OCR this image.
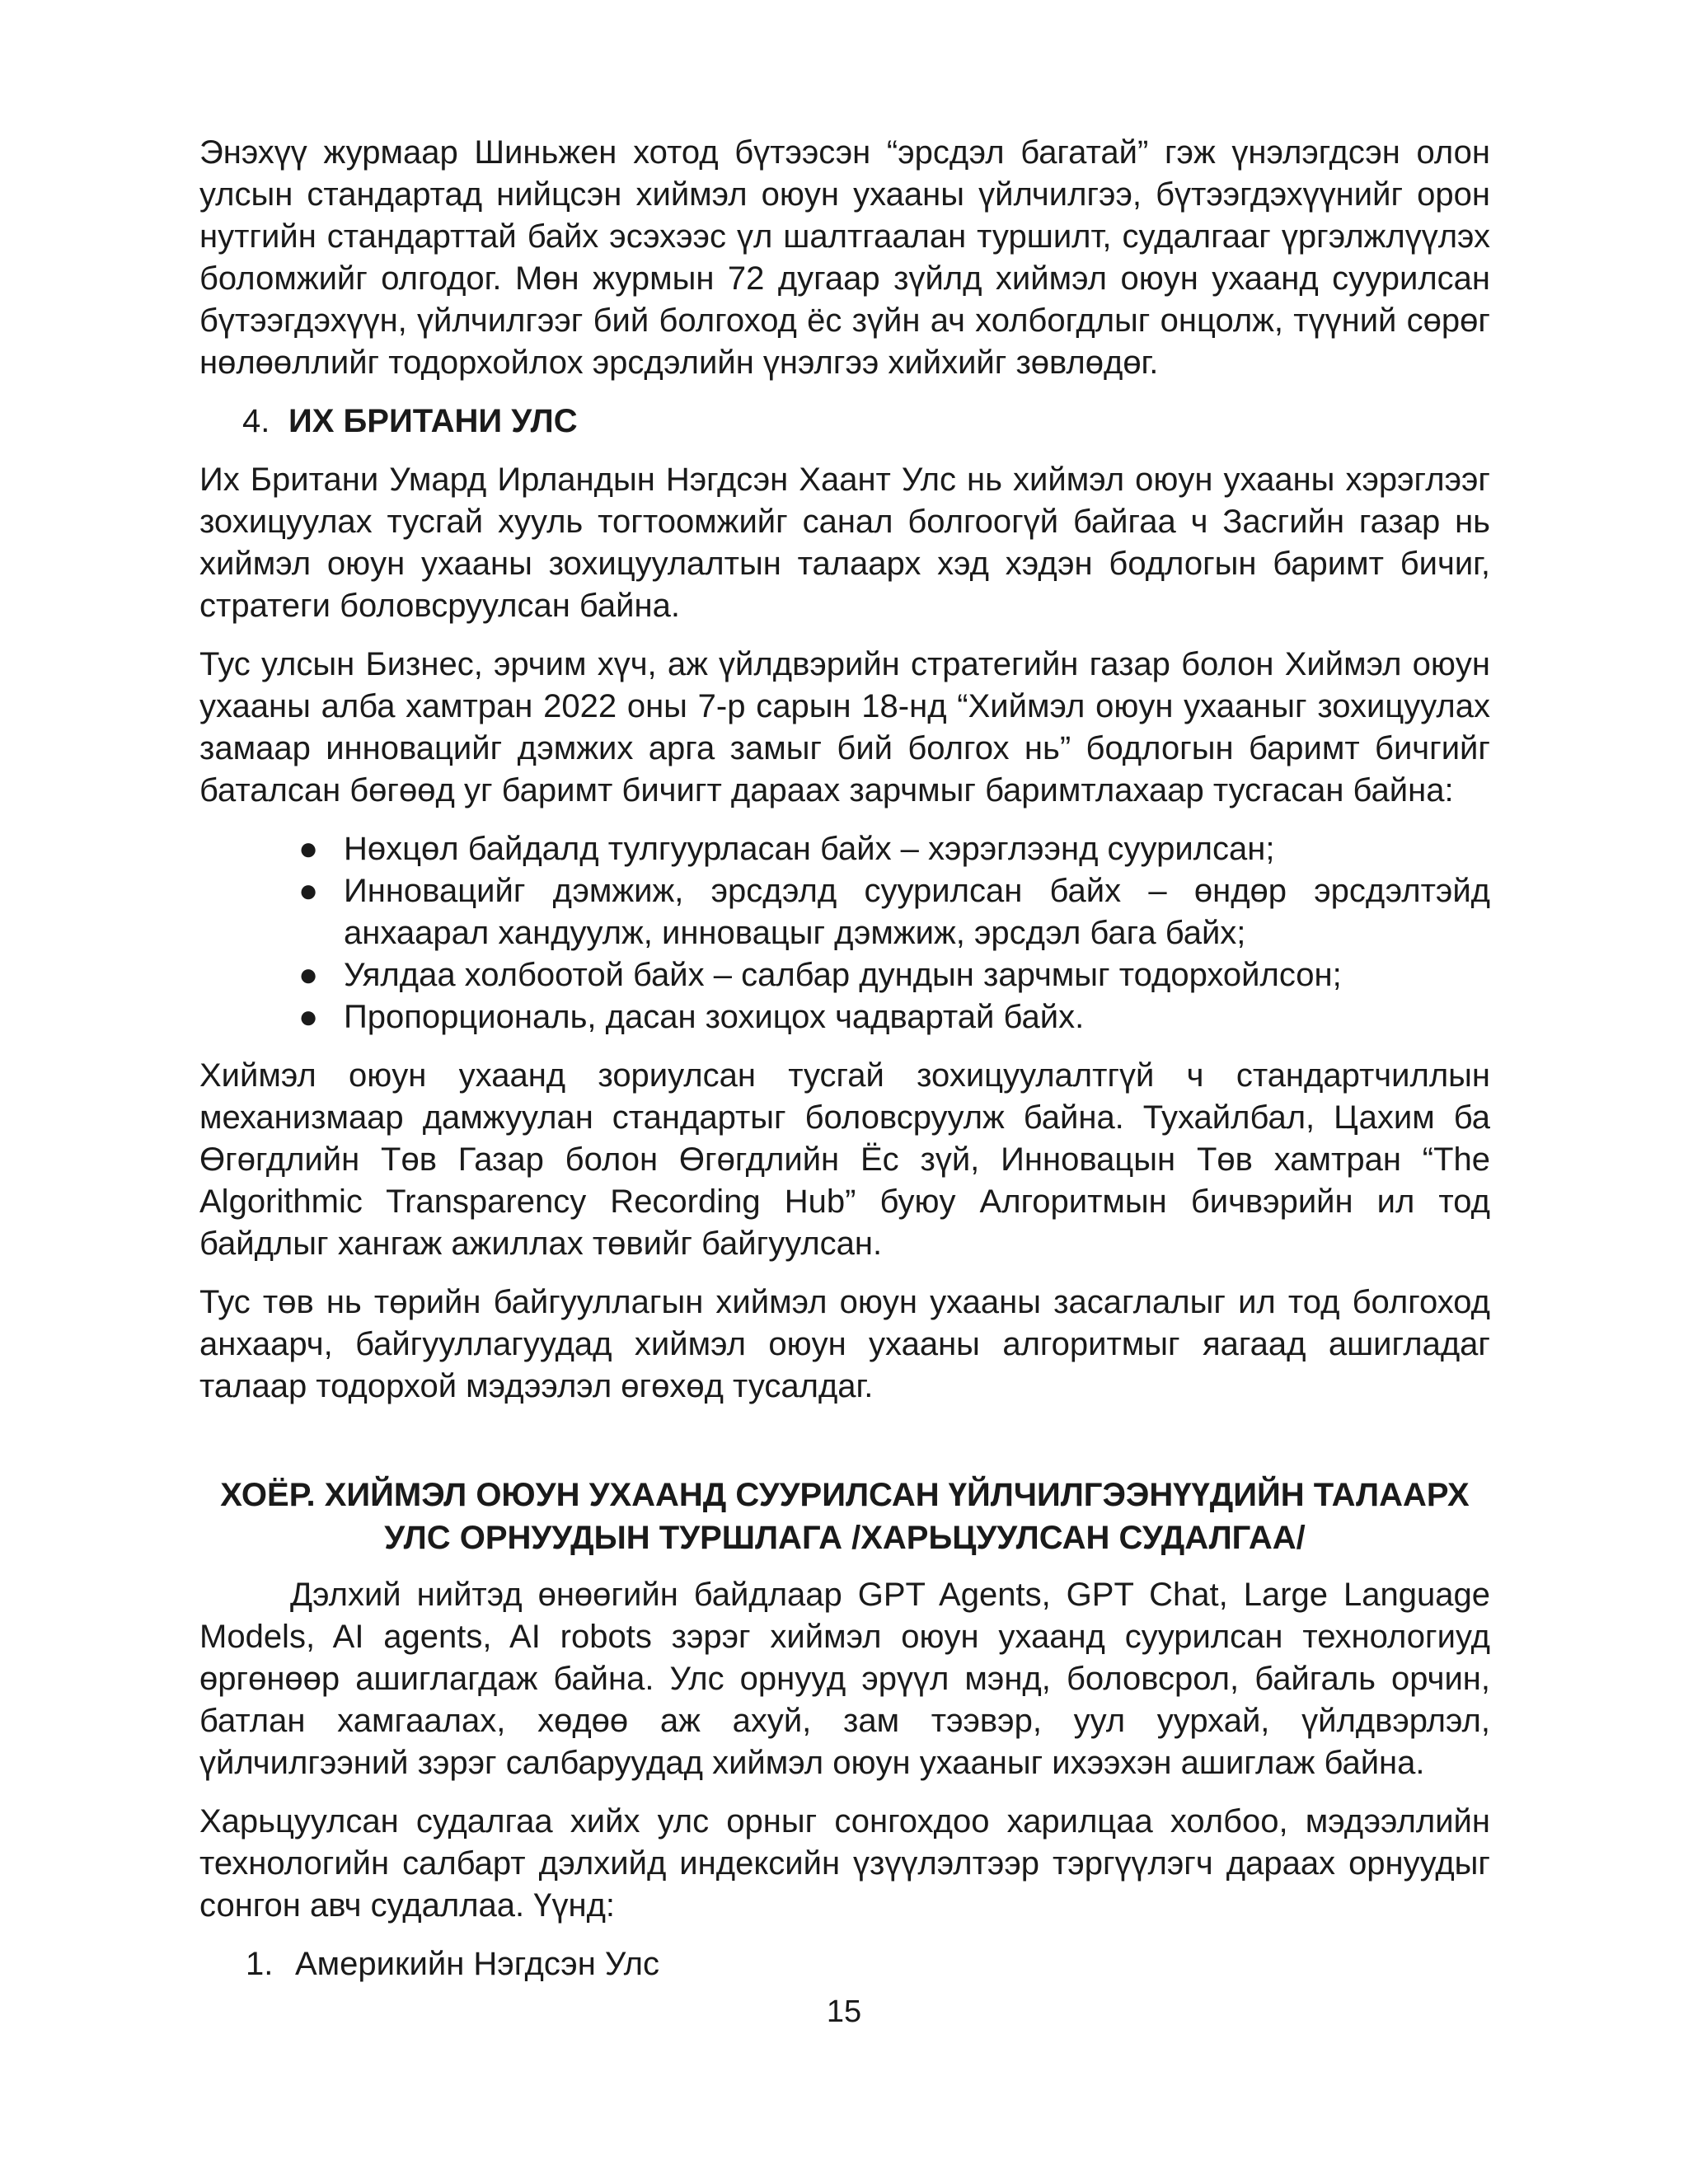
Энэхүү журмаар Шиньжен хотод бүтээсэн “эрсдэл багатай” гэж үнэлэгдсэн олон улсын стандартад нийцсэн хиймэл оюун ухааны үйлчилгээ, бүтээгдэхүүнийг орон нутгийн стандарттай байх эсэхээс үл шалтгаалан туршилт, судалгааг үргэлжлүүлэх боломжийг олгодог. Мөн журмын 72 дугаар зүйлд хиймэл оюун ухаанд суурилсан бүтээгдэхүүн, үйлчилгээг бий болгоход ёс зүйн ач холбогдлыг онцолж, түүний сөрөг нөлөөллийг тодорхойлох эрсдэлийн үнэлгээ хийхийг зөвлөдөг.

4. ИХ БРИТАНИ УЛС

Их Британи Умард Ирландын Нэгдсэн Хаант Улс нь хиймэл оюун ухааны хэрэглээг зохицуулах тусгай хууль тогтоомжийг санал болгоогүй байгаа ч Засгийн газар нь хиймэл оюун ухааны зохицуулалтын талаарх хэд хэдэн бодлогын баримт бичиг, стратеги боловсруулсан байна.

Тус улсын Бизнес, эрчим хүч, аж үйлдвэрийн стратегийн газар болон Хиймэл оюун ухааны алба хамтран 2022 оны 7-р сарын 18-нд “Хиймэл оюун ухааныг зохицуулах замаар инновацийг дэмжих арга замыг бий болгох нь” бодлогын баримт бичгийг баталсан бөгөөд уг баримт бичигт дараах зарчмыг баримтлахаар тусгасан байна:

● Нөхцөл байдалд тулгуурласан байх – хэрэглээнд суурилсан;
● Инновацийг дэмжиж, эрсдэлд суурилсан байх – өндөр эрсдэлтэйд анхаарал хандуулж, инновацыг дэмжиж, эрсдэл бага байх;
● Уялдаа холбоотой байх – салбар дундын зарчмыг тодорхойлсон;
● Пропорциональ, дасан зохицох чадвартай байх.

Хиймэл оюун ухаанд зориулсан тусгай зохицуулалтгүй ч стандартчиллын механизмаар дамжуулан стандартыг боловсруулж байна. Тухайлбал, Цахим ба Өгөгдлийн Төв Газар болон Өгөгдлийн Ёс зүй, Инновацын Төв хамтран “The Algorithmic Transparency Recording Hub” буюу Алгоритмын бичвэрийн ил тод байдлыг хангаж ажиллах төвийг байгуулсан.

Тус төв нь төрийн байгууллагын хиймэл оюун ухааны засаглалыг ил тод болгоход анхаарч, байгууллагуудад хиймэл оюун ухааны алгоритмыг яагаад ашигладаг талаар тодорхой мэдээлэл өгөхөд тусалдаг.

ХОЁР. ХИЙМЭЛ ОЮУН УХААНД СУУРИЛСАН ҮЙЛЧИЛГЭЭНҮҮДИЙН ТАЛААРХ
УЛС ОРНУУДЫН ТУРШЛАГА /ХАРЬЦУУЛСАН СУДАЛГАА/

Дэлхий нийтэд өнөөгийн байдлаар GPT Agents, GPT Chat, Large Language Models, AI agents, AI robots зэрэг хиймэл оюун ухаанд суурилсан технологиуд өргөнөөр ашиглагдаж байна. Улс орнууд эрүүл мэнд, боловсрол, байгаль орчин, батлан хамгаалах, хөдөө аж ахуй, зам тээвэр, уул уурхай, үйлдвэрлэл, үйлчилгээний зэрэг салбаруудад хиймэл оюун ухааныг ихээхэн ашиглаж байна.

Харьцуулсан судалгаа хийх улс орныг сонгохдоо харилцаа холбоо, мэдээллийн технологийн салбарт дэлхийд индексийн үзүүлэлтээр тэргүүлэгч дараах орнуудыг сонгон авч судаллаа. Үүнд:

1. Америкийн Нэгдсэн Улс
15
